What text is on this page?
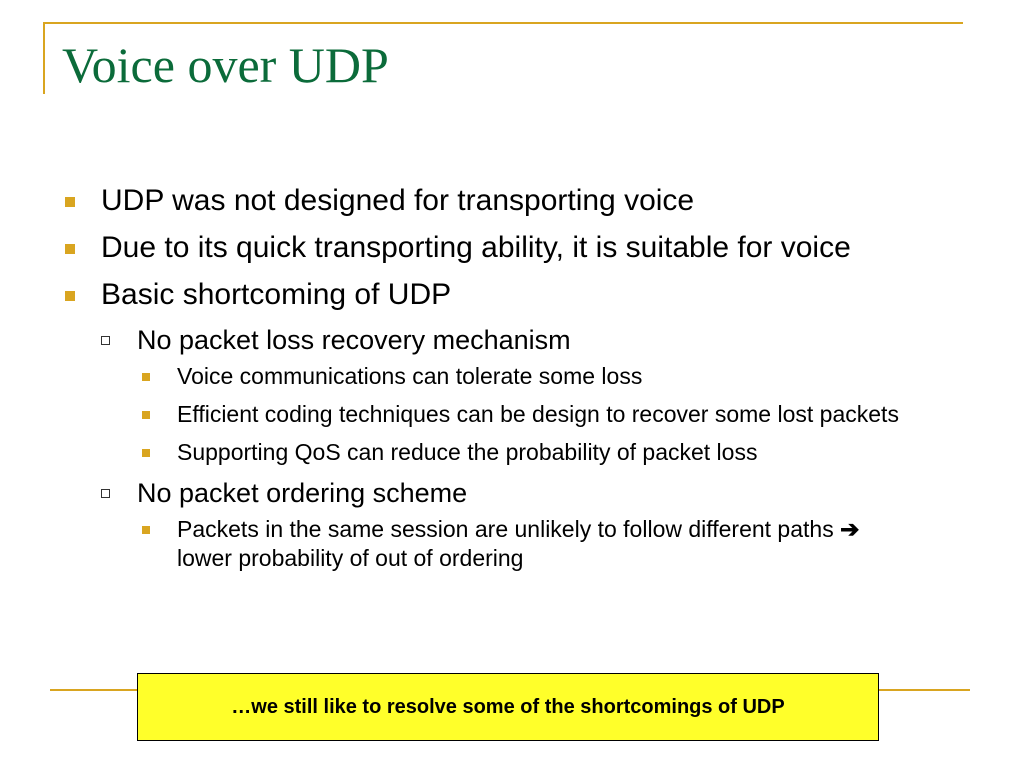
Voice over UDP
UDP was not designed for transporting voice
Due to its quick transporting ability, it is suitable for voice
Basic shortcoming of UDP
No packet loss recovery mechanism
Voice communications can tolerate some loss
Efficient coding techniques can be design to recover some lost packets
Supporting QoS can reduce the probability of packet loss
No packet ordering scheme
Packets in the same session are unlikely to follow different paths ➔ lower probability of out of ordering
…we still like to resolve some of the shortcomings of UDP
